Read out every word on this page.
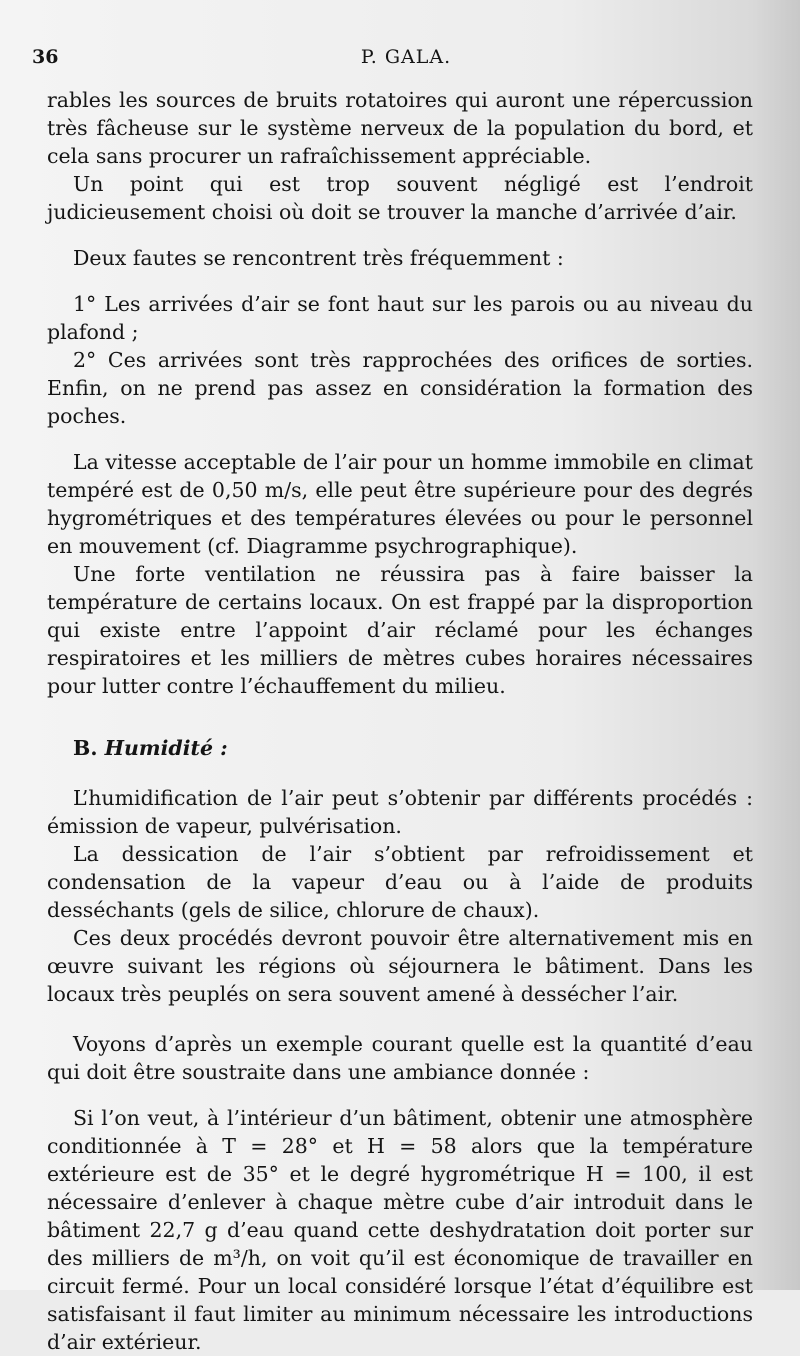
36	P. GALA.

rables les sources de bruits rotatoires qui auront une répercussion très fâcheuse sur le système nerveux de la population du bord, et cela sans procurer un rafraîchissement appréciable.

Un point qui est trop souvent négligé est l’endroit judicieusement choisi où doit se trouver la manche d’arrivée d’air.

Deux fautes se rencontrent très fréquemment :

1° Les arrivées d’air se font haut sur les parois ou au niveau du plafond ;

2° Ces arrivées sont très rapprochées des orifices de sorties. Enfin, on ne prend pas assez en considération la formation des poches.

La vitesse acceptable de l’air pour un homme immobile en climat tempéré est de 0,50 m/s, elle peut être supérieure pour des degrés hygrométriques et des températures élevées ou pour le personnel en mouvement (cf. Diagramme psychrographique).

Une forte ventilation ne réussira pas à faire baisser la température de certains locaux. On est frappé par la disproportion qui existe entre l’appoint d’air réclamé pour les échanges respiratoires et les milliers de mètres cubes horaires nécessaires pour lutter contre l’échauffement du milieu.

B. Humidité :

L’humidification de l’air peut s’obtenir par différents procédés : émission de vapeur, pulvérisation.

La dessication de l’air s’obtient par refroidissement et condensation de la vapeur d’eau ou à l’aide de produits desséchants (gels de silice, chlorure de chaux).

Ces deux procédés devront pouvoir être alternativement mis en œuvre suivant les régions où séjournera le bâtiment. Dans les locaux très peuplés on sera souvent amené à dessécher l’air.

Voyons d’après un exemple courant quelle est la quantité d’eau qui doit être soustraite dans une ambiance donnée :

Si l’on veut, à l’intérieur d’un bâtiment, obtenir une atmosphère conditionnée à T = 28° et H = 58 alors que la température extérieure est de 35° et le degré hygrométrique H = 100, il est nécessaire d’enlever à chaque mètre cube d’air introduit dans le bâtiment 22,7 g d’eau quand cette deshydratation doit porter sur des milliers de m³/h, on voit qu’il est économique de travailler en circuit fermé. Pour un local considéré lorsque l’état d’équilibre est satisfaisant il faut limiter au minimum nécessaire les introductions d’air extérieur.
